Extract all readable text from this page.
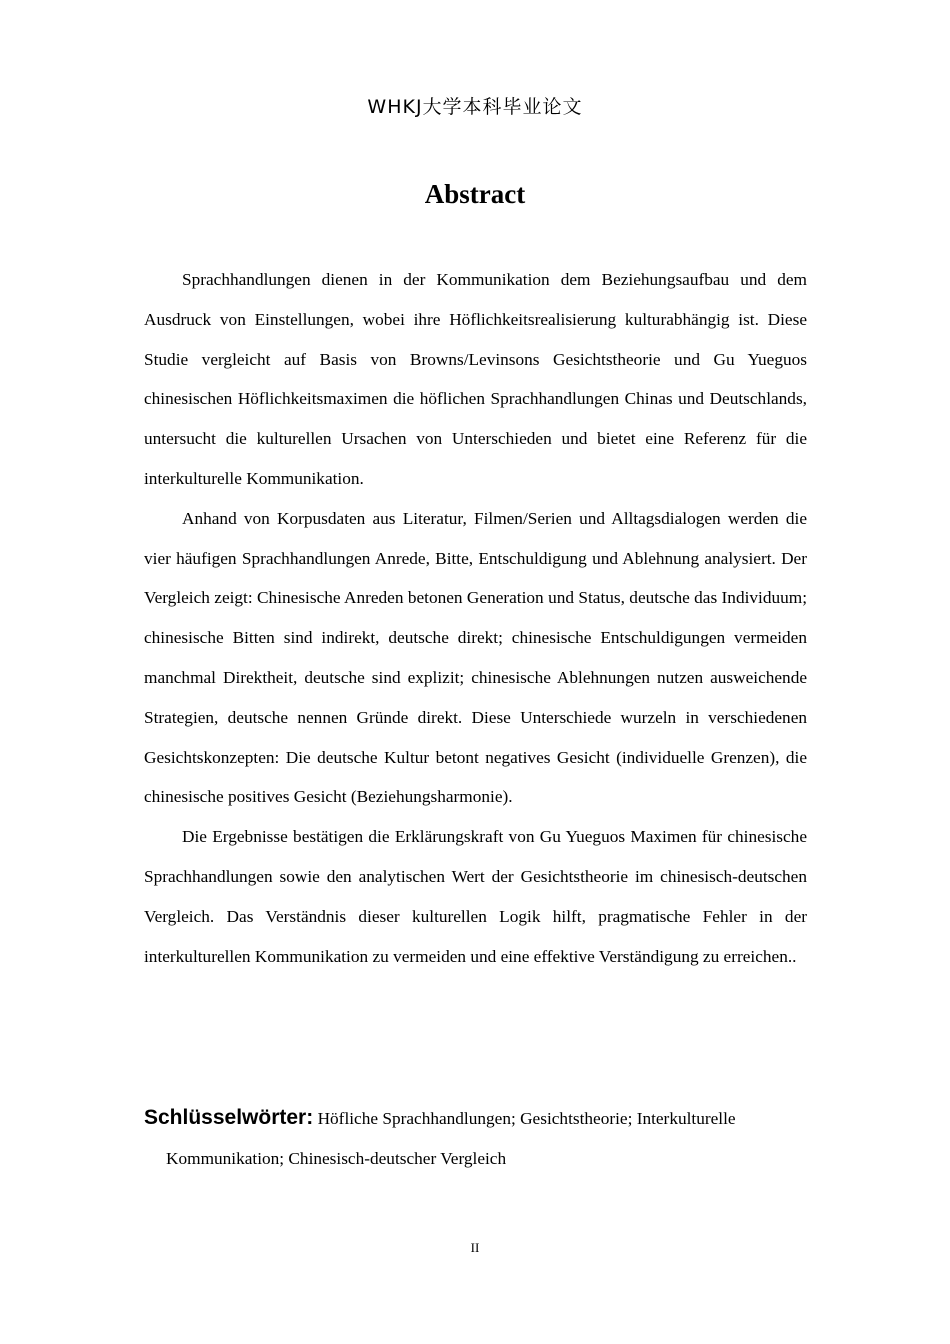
WHKJ大学本科毕业论文
Abstract

Sprachhandlungen dienen in der Kommunikation dem Beziehungsaufbau und dem Ausdruck von Einstellungen, wobei ihre Höflichkeitsrealisierung kulturabhängig ist. Diese Studie vergleicht auf Basis von Browns/Levinsons Gesichtstheorie und Gu Yueguos chinesischen Höflichkeitsmaximen die höflichen Sprachhandlungen Chinas und Deutschlands, untersucht die kulturellen Ursachen von Unterschieden und bietet eine Referenz für die interkulturelle Kommunikation.

Anhand von Korpusdaten aus Literatur, Filmen/Serien und Alltagsdialogen werden die vier häufigen Sprachhandlungen Anrede, Bitte, Entschuldigung und Ablehnung analysiert. Der Vergleich zeigt: Chinesische Anreden betonen Generation und Status, deutsche das Individuum; chinesische Bitten sind indirekt, deutsche direkt; chinesische Entschuldigungen vermeiden manchmal Direktheit, deutsche sind explizit; chinesische Ablehnungen nutzen ausweichende Strategien, deutsche nennen Gründe direkt. Diese Unterschiede wurzeln in verschiedenen Gesichtskonzepten: Die deutsche Kultur betont negatives Gesicht (individuelle Grenzen), die chinesische positives Gesicht (Beziehungsharmonie).

Die Ergebnisse bestätigen die Erklärungskraft von Gu Yueguos Maximen für chinesische Sprachhandlungen sowie den analytischen Wert der Gesichtstheorie im chinesisch-deutschen Vergleich. Das Verständnis dieser kulturellen Logik hilft, pragmatische Fehler in der interkulturellen Kommunikation zu vermeiden und eine effektive Verständigung zu erreichen..

Schlüsselwörter: Höfliche Sprachhandlungen; Gesichtstheorie; Interkulturelle Kommunikation; Chinesisch-deutscher Vergleich
II
